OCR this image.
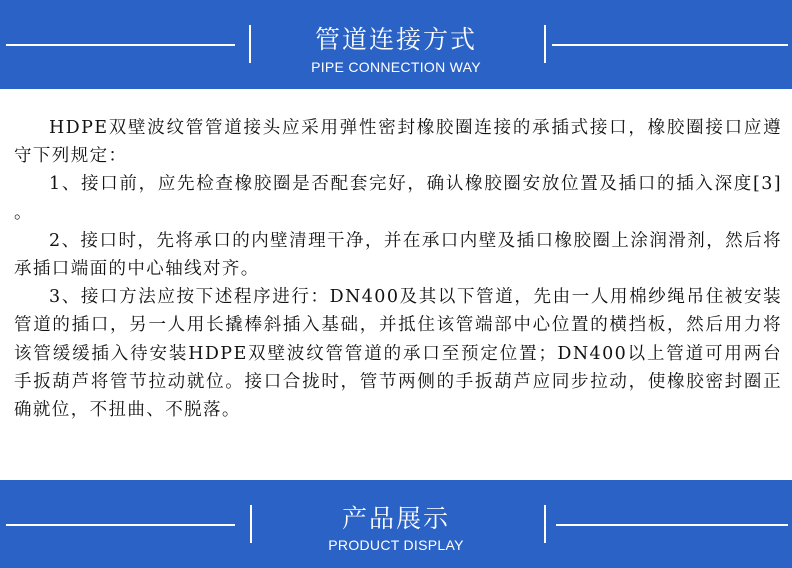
管道连接方式
PIPE CONNECTION WAY

HDPE双壁波纹管管道接头应采用弹性密封橡胶圈连接的承插式接口，橡胶圈接口应遵守下列规定：

1、接口前，应先检查橡胶圈是否配套完好，确认橡胶圈安放位置及插口的插入深度[3] 。

2、接口时，先将承口的内壁清理干净，并在承口内壁及插口橡胶圈上涂润滑剂，然后将承插口端面的中心轴线对齐。

3、接口方法应按下述程序进行：DN400及其以下管道，先由一人用棉纱绳吊住被安装管道的插口，另一人用长撬棒斜插入基础，并抵住该管端部中心位置的横挡板，然后用力将该管缓缓插入待安装HDPE双壁波纹管管道的承口至预定位置；DN400以上管道可用两台手扳葫芦将管节拉动就位。接口合拢时，管节两侧的手扳葫芦应同步拉动，使橡胶密封圈正确就位，不扭曲、不脱落。

产品展示
PRODUCT DISPLAY
